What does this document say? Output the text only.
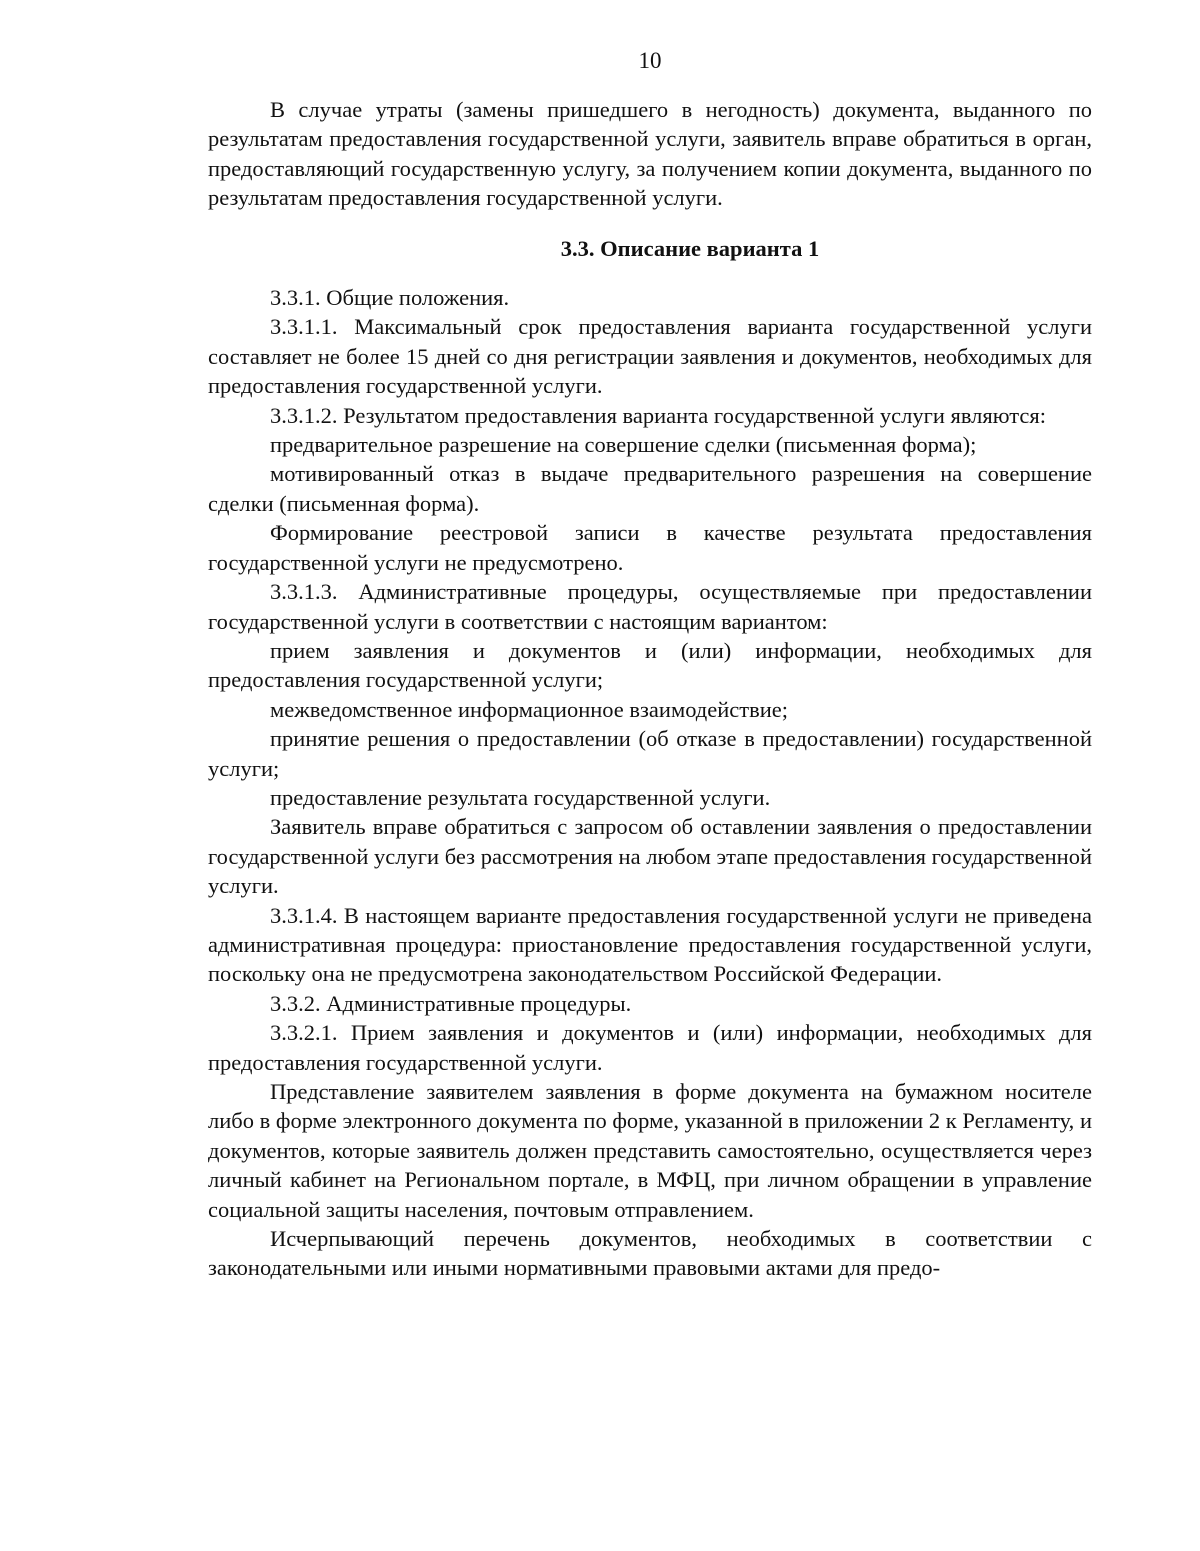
10

В случае утраты (замены пришедшего в негодность) документа, выданного по результатам предоставления государственной услуги, заявитель вправе обратиться в орган, предоставляющий государственную услугу, за получением копии документа, выданного по результатам предоставления государственной услуги.

3.3. Описание варианта 1

3.3.1. Общие положения.

3.3.1.1. Максимальный срок предоставления варианта государственной услуги составляет не более 15 дней со дня регистрации заявления и документов, необходимых для предоставления государственной услуги.

3.3.1.2. Результатом предоставления варианта государственной услуги являются:

предварительное разрешение на совершение сделки (письменная форма);

мотивированный отказ в выдаче предварительного разрешения на совершение сделки (письменная форма).

Формирование реестровой записи в качестве результата предоставления государственной услуги не предусмотрено.

3.3.1.3. Административные процедуры, осуществляемые при предоставлении государственной услуги в соответствии с настоящим вариантом:

прием заявления и документов и (или) информации, необходимых для предоставления государственной услуги;

межведомственное информационное взаимодействие;

принятие решения о предоставлении (об отказе в предоставлении) государственной услуги;

предоставление результата государственной услуги.

Заявитель вправе обратиться с запросом об оставлении заявления о предоставлении государственной услуги без рассмотрения на любом этапе предоставления государственной услуги.

3.3.1.4. В настоящем варианте предоставления государственной услуги не приведена административная процедура: приостановление предоставления государственной услуги, поскольку она не предусмотрена законодательством Российской Федерации.

3.3.2. Административные процедуры.

3.3.2.1. Прием заявления и документов и (или) информации, необходимых для предоставления государственной услуги.

Представление заявителем заявления в форме документа на бумажном носителе либо в форме электронного документа по форме, указанной в приложении 2 к Регламенту, и документов, которые заявитель должен представить самостоятельно, осуществляется через личный кабинет на Региональном портале, в МФЦ, при личном обращении в управление социальной защиты населения, почтовым отправлением.

Исчерпывающий перечень документов, необходимых в соответствии с законодательными или иными нормативными правовыми актами для предо-
